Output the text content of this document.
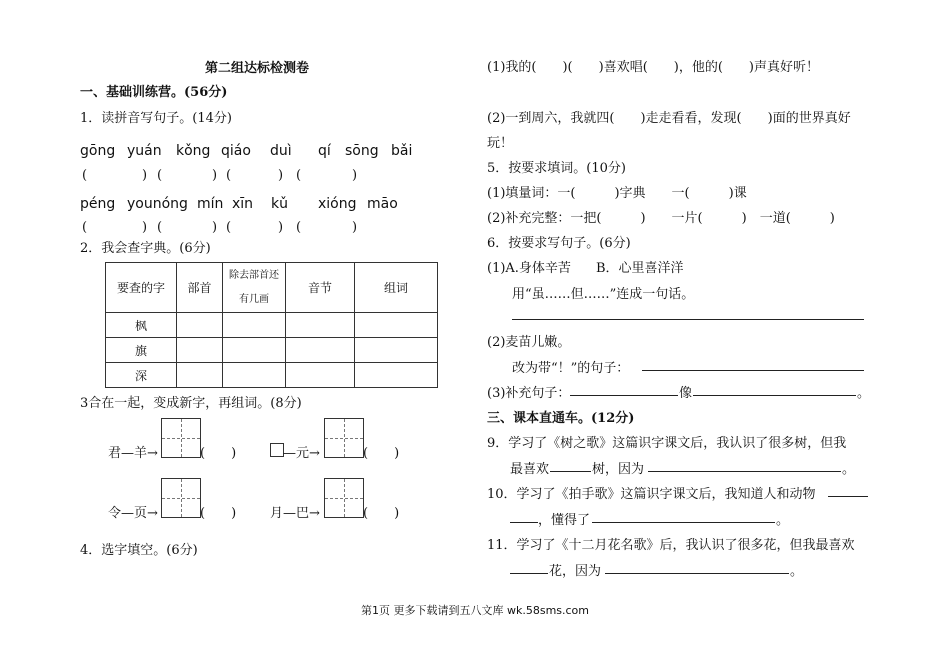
第二组达标检测卷
一、基础训练营。(56分)
1．读拼音写句子。(14分)
gōng yuán kǒng qiáo duì qí sōng bǎi
(	) (	) (	) (	)
péng younóng mín xīn kǔ xióng māo
(	) (	) (	) (	)
2．我会查字典。(6分)
要查的字	部首	除去部首还
有几画	音节	组词
枫				
旗				
深				
3合在一起，变成新字，再组词。(8分)
君—羊→	(　　)	—元→	(　　)
令—页→	(　　)	月—巴→	(　　)
4．选字填空。(6分)
(1)我的(　　)(　　)喜欢唱(　　)，他的(　　)声真好听！
(2)一到周六，我就四(　　)走走看看，发现(　　)面的世界真好
玩！
5．按要求填词。(10分)
(1)填量词：一(　　　)字典　　一(　　　)课
(2)补充完整：一把(　　　)　　一片(　　　)　一道(　　　)
6．按要求写句子。(6分)
(1)A.身体辛苦 B．心里喜洋洋
用“虽……但……”连成一句话。
(2)麦苗儿嫩。
改为带“！”的句子：
(3)补充句子：	像	。
三、课本直通车。(12分)
9．学习了《树之歌》这篇识字课文后，我认识了很多树，但我
最喜欢	树，因为	。
10．学习了《拍手歌》这篇识字课文后，我知道人和动物
，懂得了	。
11．学习了《十二月花名歌》后，我认识了很多花，但我最喜欢
花，因为	。
第1页 更多下载请到五八文库 wk.58sms.com
